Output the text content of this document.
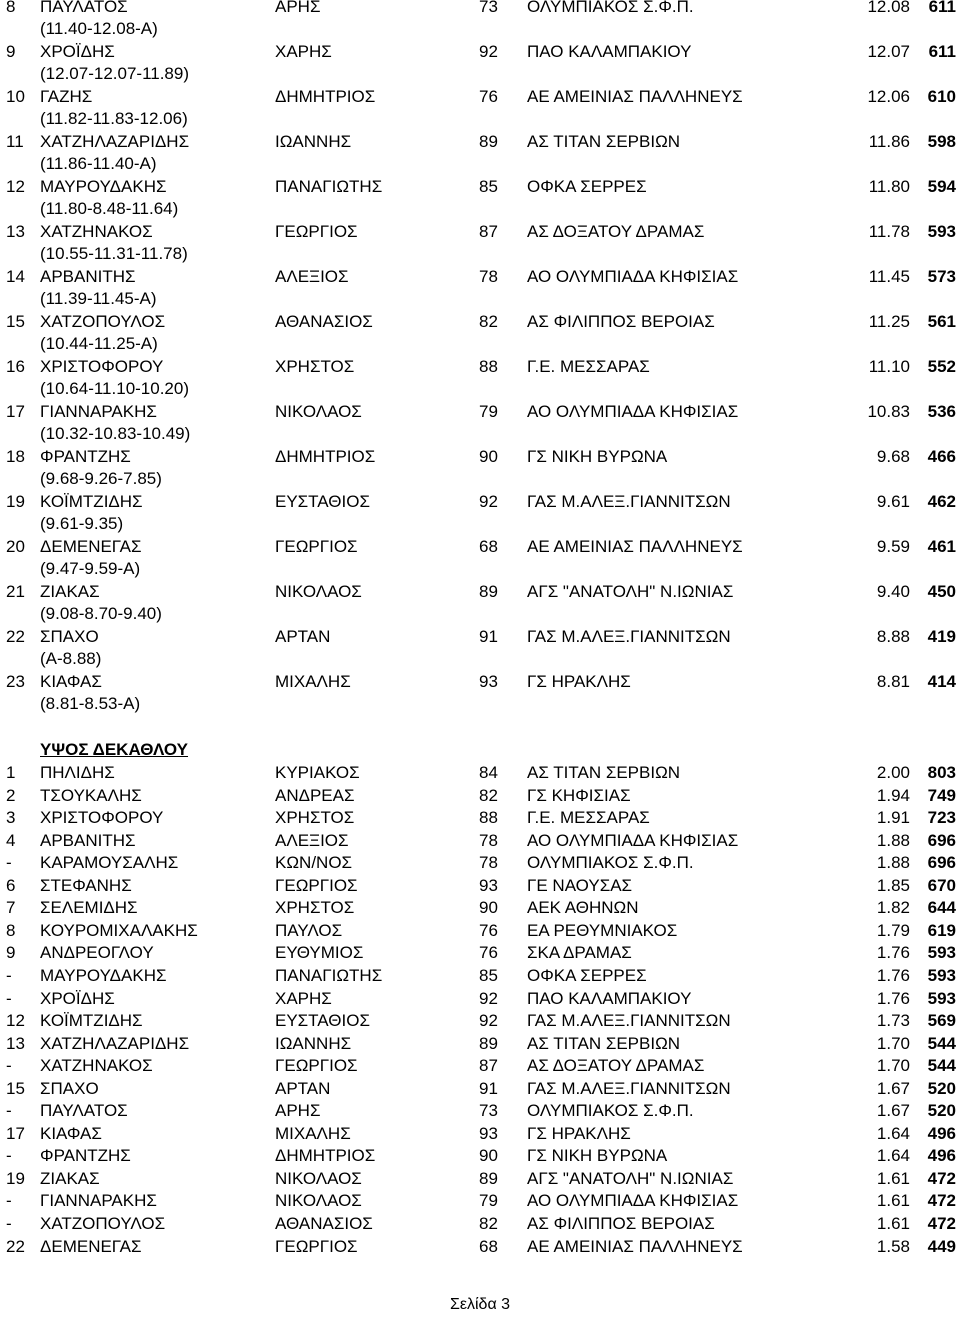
8 ΠΑΥΛΑΤΟΣ	ΑΡΗΣ	73 ΟΛΥΜΠΙΑΚΟΣ Σ.Φ.Π.	12.08 611
(11.40-12.08-Α)
9 ΧΡΟΪΔΗΣ	ΧΑΡΗΣ	92 ΠΑΟ ΚΑΛΑΜΠΑΚΙΟΥ	12.07 611
(12.07-12.07-11.89)
10 ΓΑΖΗΣ	ΔΗΜΗΤΡΙΟΣ	76 ΑΕ ΑΜΕΙΝΙΑΣ ΠΑΛΛΗΝΕΥΣ	12.06 610
(11.82-11.83-12.06)
11 ΧΑΤΖΗΛΑΖΑΡΙΔΗΣ	ΙΩΑΝΝΗΣ	89 ΑΣ ΤΙΤΑΝ ΣΕΡΒΙΩΝ	11.86 598
(11.86-11.40-Α)
12 ΜΑΥΡΟΥΔΑΚΗΣ	ΠΑΝΑΓΙΩΤΗΣ	85 ΟΦΚΑ ΣΕΡΡΕΣ	11.80 594
(11.80-8.48-11.64)
13 ΧΑΤΖΗΝΑΚΟΣ	ΓΕΩΡΓΙΟΣ	87 ΑΣ ΔΟΞΑΤΟΥ ΔΡΑΜΑΣ	11.78 593
(10.55-11.31-11.78)
14 ΑΡΒΑΝΙΤΗΣ	ΑΛΕΞΙΟΣ	78 ΑΟ ΟΛΥΜΠΙΑΔΑ ΚΗΦΙΣΙΑΣ	11.45 573
(11.39-11.45-Α)
15 ΧΑΤΖΟΠΟΥΛΟΣ	ΑΘΑΝΑΣΙΟΣ	82 ΑΣ ΦΙΛΙΠΠΟΣ ΒΕΡΟΙΑΣ	11.25 561
(10.44-11.25-Α)
16 ΧΡΙΣΤΟΦΟΡΟΥ	ΧΡΗΣΤΟΣ	88 Γ.Ε. ΜΕΣΣΑΡΑΣ	11.10 552
(10.64-11.10-10.20)
17 ΓΙΑΝΝΑΡΑΚΗΣ	ΝΙΚΟΛΑΟΣ	79 ΑΟ ΟΛΥΜΠΙΑΔΑ ΚΗΦΙΣΙΑΣ	10.83 536
(10.32-10.83-10.49)
18 ΦΡΑΝΤΖΗΣ	ΔΗΜΗΤΡΙΟΣ	90 ΓΣ ΝΙΚΗ ΒΥΡΩΝΑ	9.68 466
(9.68-9.26-7.85)
19 ΚΟΪΜΤΖΙΔΗΣ	ΕΥΣΤΑΘΙΟΣ	92 ΓΑΣ Μ.ΑΛΕΞ.ΓΙΑΝΝΙΤΣΩΝ	9.61 462
(9.61-9.35)
20 ΔΕΜΕΝΕΓΑΣ	ΓΕΩΡΓΙΟΣ	68 ΑΕ ΑΜΕΙΝΙΑΣ ΠΑΛΛΗΝΕΥΣ	9.59 461
(9.47-9.59-Α)
21 ΖΙΑΚΑΣ	ΝΙΚΟΛΑΟΣ	89 ΑΓΣ "ΑΝΑΤΟΛΗ" Ν.ΙΩΝΙΑΣ	9.40 450
(9.08-8.70-9.40)
22 ΣΠΑΧΟ	ΑΡΤΑΝ	91 ΓΑΣ Μ.ΑΛΕΞ.ΓΙΑΝΝΙΤΣΩΝ	8.88 419
(Α-8.88)
23 ΚΙΑΦΑΣ	ΜΙΧΑΛΗΣ	93 ΓΣ ΗΡΑΚΛΗΣ	8.81 414
(8.81-8.53-Α)
ΥΨΟΣ ΔΕΚΑΘΛΟΥ
1 ΠΗΛΙΔΗΣ	ΚΥΡΙΑΚΟΣ	84 ΑΣ ΤΙΤΑΝ ΣΕΡΒΙΩΝ	2.00 803
2 ΤΣΟΥΚΑΛΗΣ	ΑΝΔΡΕΑΣ	82 ΓΣ ΚΗΦΙΣΙΑΣ	1.94 749
3 ΧΡΙΣΤΟΦΟΡΟΥ	ΧΡΗΣΤΟΣ	88 Γ.Ε. ΜΕΣΣΑΡΑΣ	1.91 723
4 ΑΡΒΑΝΙΤΗΣ	ΑΛΕΞΙΟΣ	78 ΑΟ ΟΛΥΜΠΙΑΔΑ ΚΗΦΙΣΙΑΣ	1.88 696
- ΚΑΡΑΜΟΥΣΑΛΗΣ	ΚΩΝ/ΝΟΣ	78 ΟΛΥΜΠΙΑΚΟΣ Σ.Φ.Π.	1.88 696
6 ΣΤΕΦΑΝΗΣ	ΓΕΩΡΓΙΟΣ	93 ΓΕ ΝΑΟΥΣΑΣ	1.85 670
7 ΣΕΛΕΜΙΔΗΣ	ΧΡΗΣΤΟΣ	90 ΑΕΚ ΑΘΗΝΩΝ	1.82 644
8 ΚΟΥΡΟΜΙΧΑΛΑΚΗΣ	ΠΑΥΛΟΣ	76 ΕΑ ΡΕΘΥΜΝΙΑΚΟΣ	1.79 619
9 ΑΝΔΡΕΟΓΛΟΥ	ΕΥΘΥΜΙΟΣ	76 ΣΚΑ ΔΡΑΜΑΣ	1.76 593
- ΜΑΥΡΟΥΔΑΚΗΣ	ΠΑΝΑΓΙΩΤΗΣ	85 ΟΦΚΑ ΣΕΡΡΕΣ	1.76 593
- ΧΡΟΪΔΗΣ	ΧΑΡΗΣ	92 ΠΑΟ ΚΑΛΑΜΠΑΚΙΟΥ	1.76 593
12 ΚΟΪΜΤΖΙΔΗΣ	ΕΥΣΤΑΘΙΟΣ	92 ΓΑΣ Μ.ΑΛΕΞ.ΓΙΑΝΝΙΤΣΩΝ	1.73 569
13 ΧΑΤΖΗΛΑΖΑΡΙΔΗΣ	ΙΩΑΝΝΗΣ	89 ΑΣ ΤΙΤΑΝ ΣΕΡΒΙΩΝ	1.70 544
- ΧΑΤΖΗΝΑΚΟΣ	ΓΕΩΡΓΙΟΣ	87 ΑΣ ΔΟΞΑΤΟΥ ΔΡΑΜΑΣ	1.70 544
15 ΣΠΑΧΟ	ΑΡΤΑΝ	91 ΓΑΣ Μ.ΑΛΕΞ.ΓΙΑΝΝΙΤΣΩΝ	1.67 520
- ΠΑΥΛΑΤΟΣ	ΑΡΗΣ	73 ΟΛΥΜΠΙΑΚΟΣ Σ.Φ.Π.	1.67 520
17 ΚΙΑΦΑΣ	ΜΙΧΑΛΗΣ	93 ΓΣ ΗΡΑΚΛΗΣ	1.64 496
- ΦΡΑΝΤΖΗΣ	ΔΗΜΗΤΡΙΟΣ	90 ΓΣ ΝΙΚΗ ΒΥΡΩΝΑ	1.64 496
19 ΖΙΑΚΑΣ	ΝΙΚΟΛΑΟΣ	89 ΑΓΣ "ΑΝΑΤΟΛΗ" Ν.ΙΩΝΙΑΣ	1.61 472
- ΓΙΑΝΝΑΡΑΚΗΣ	ΝΙΚΟΛΑΟΣ	79 ΑΟ ΟΛΥΜΠΙΑΔΑ ΚΗΦΙΣΙΑΣ	1.61 472
- ΧΑΤΖΟΠΟΥΛΟΣ	ΑΘΑΝΑΣΙΟΣ	82 ΑΣ ΦΙΛΙΠΠΟΣ ΒΕΡΟΙΑΣ	1.61 472
22 ΔΕΜΕΝΕΓΑΣ	ΓΕΩΡΓΙΟΣ	68 ΑΕ ΑΜΕΙΝΙΑΣ ΠΑΛΛΗΝΕΥΣ	1.58 449
Σελίδα 3
